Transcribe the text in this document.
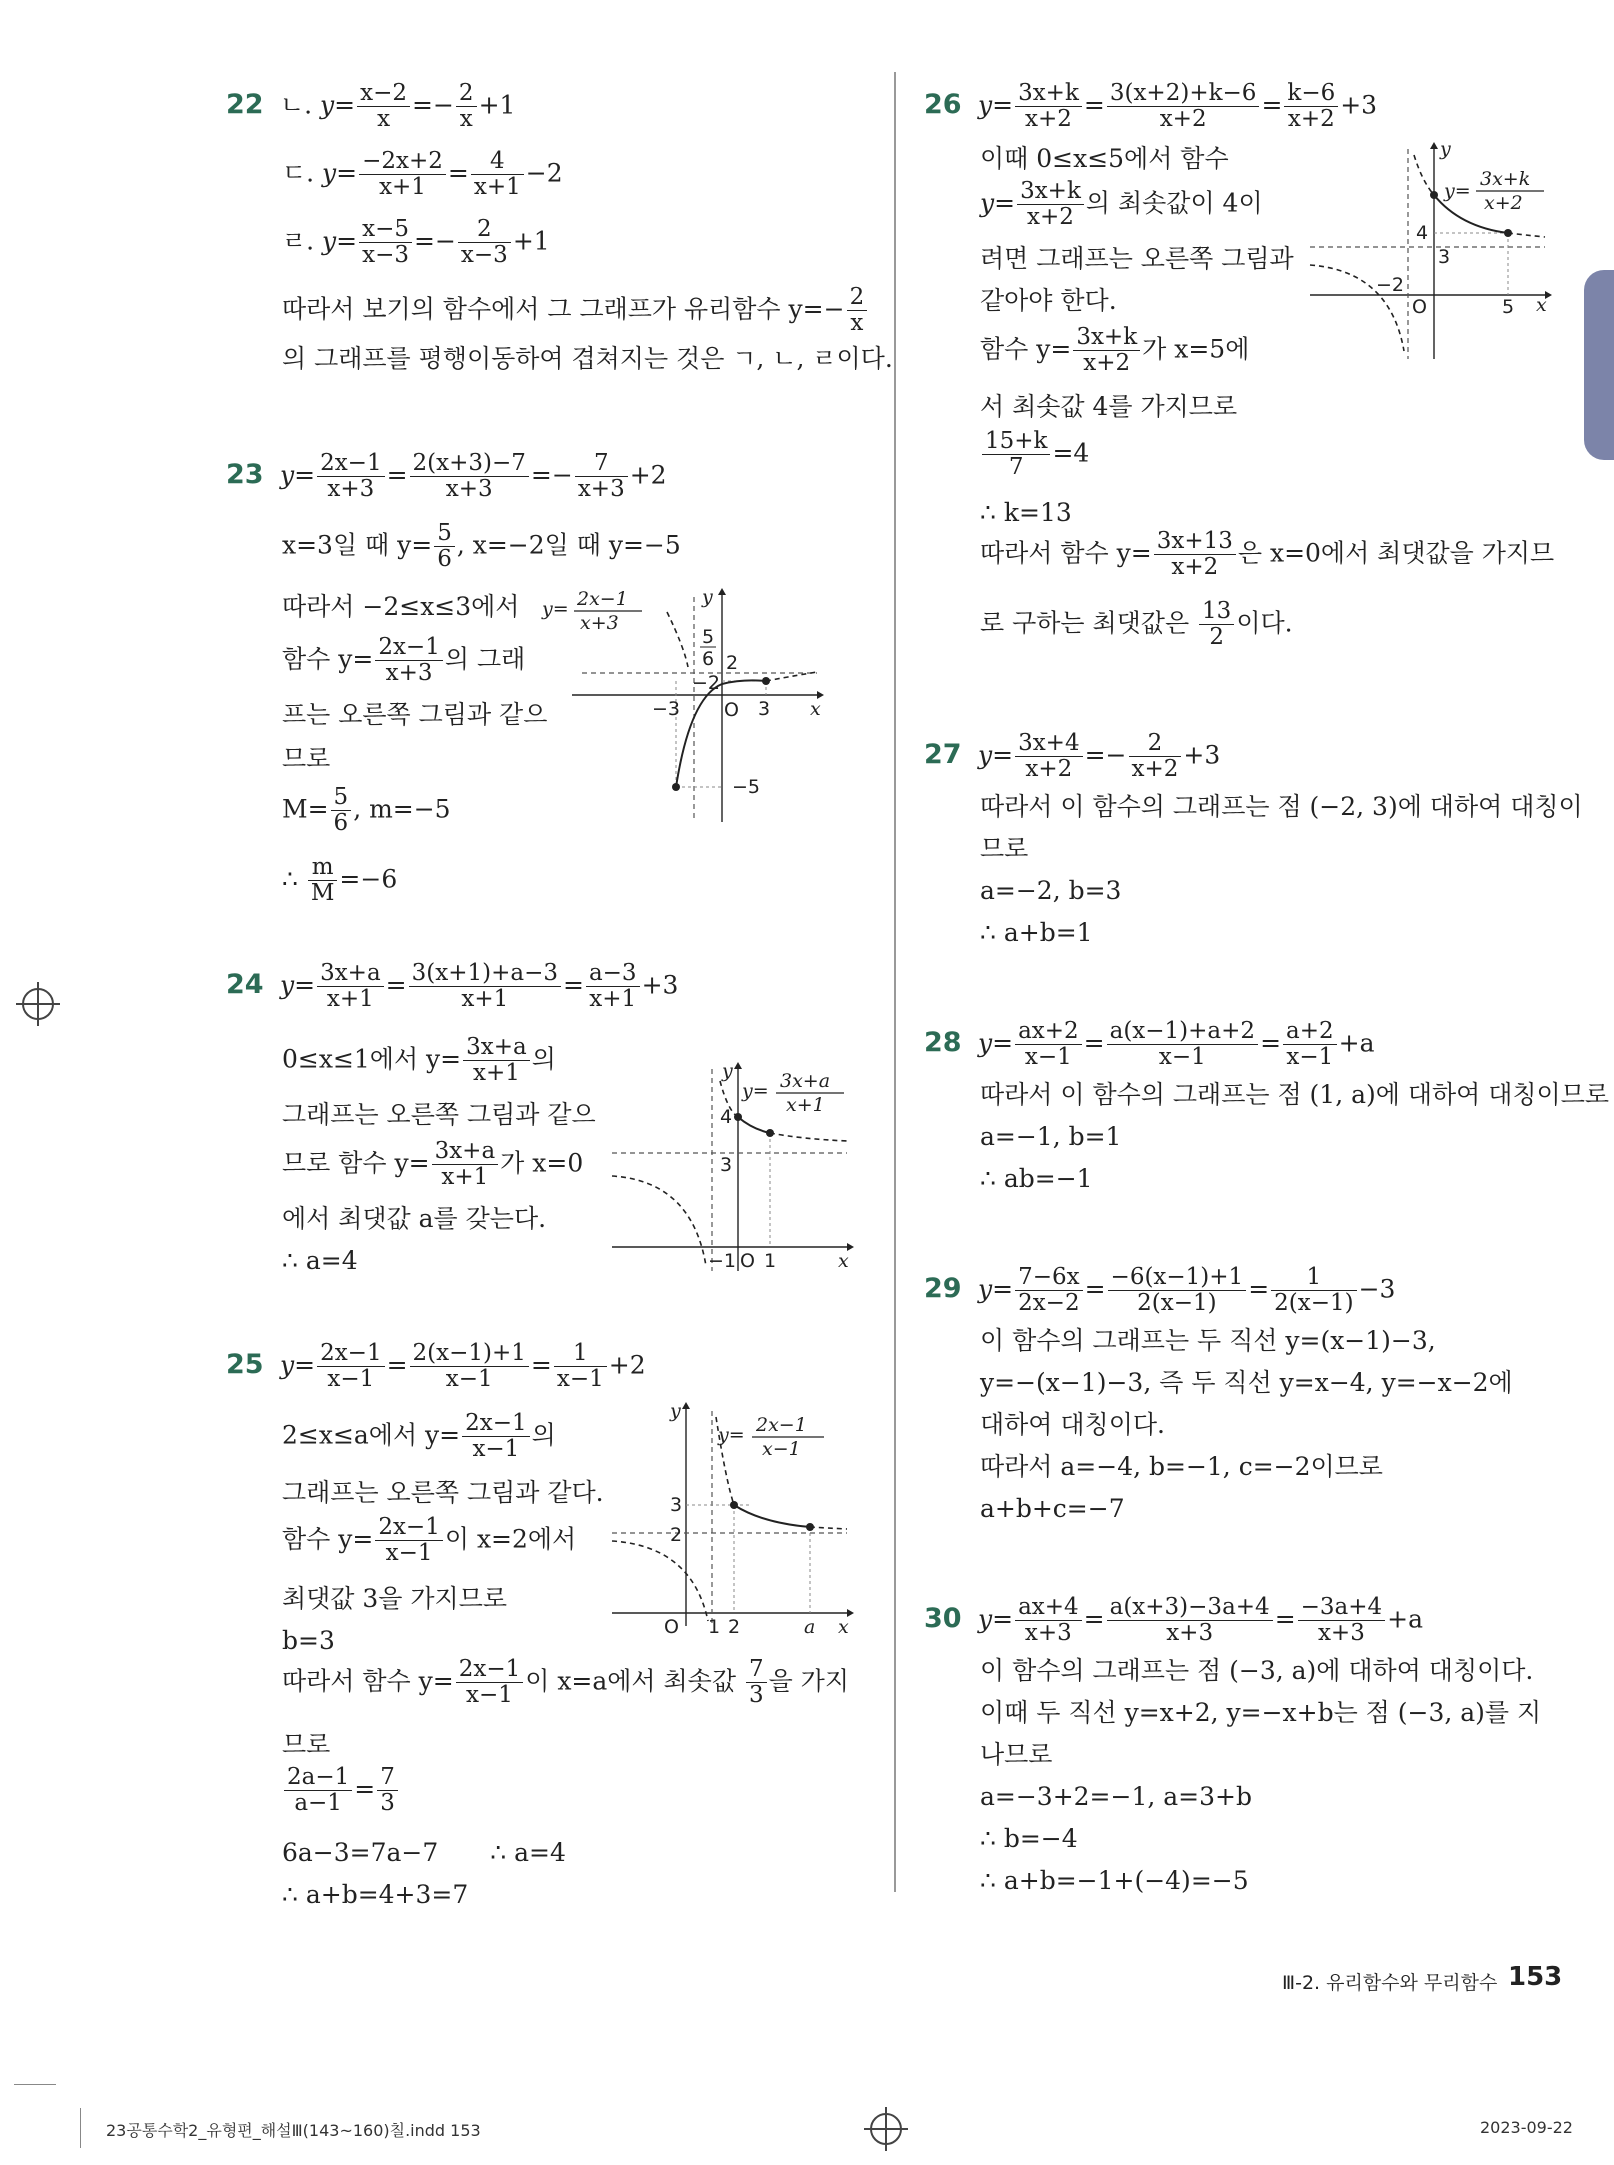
22 ㄴ. $y= \frac{x-2}{x} =- \frac{2}{x} +1$
ㄷ. $y= \frac{-2x+2}{x+1} = \frac{4}{x+1} -2$
ㄹ. $y= \frac{x-5}{x-3} =- \frac{2}{x-3} +1$
따라서 보기의 함수에서 그 그래프가 유리함수 $y=- \frac{2}{x}$
의 그래프를 평행이동하여 겹쳐지는 것은 ㄱ, ㄴ, ㄹ이다.
23 $y= \frac{2x-1}{x+3} = \frac{2(x+3)-7}{x+3} =- \frac{7}{x+3} +2$
x=3일 때 $y= \frac{5}{6}$ , x=−2일 때 y=−5
따라서 −2≤x≤3에서
함수 $y= \frac{2x-1}{x+3}$ 의 그래
프는 오른쪽 그림과 같으
므로
$M= \frac{5}{6}$ , m=−5
∴ $\frac{m}{M} =-6$
y
x
O
y= 2x−1
x+3
5
6 2
−2
−3	3
−5
24 $y= \frac{3x+a}{x+1} = \frac{3(x+1)+a-3}{x+1} = \frac{a-3}{x+1} +3$
0≤x≤1에서 $y= \frac{3x+a}{x+1}$ 의
그래프는 오른쪽 그림과 같으
므로 함수 $y= \frac{3x+a}{x+1}$ 가 x=0
에서 최댓값 a를 갖는다.
∴ a=4
y
x
O
y= 3x+a
x+1
4
3
−1 1
25 $y= \frac{2x-1}{x-1} = \frac{2(x-1)+1}{x-1} = \frac{1}{x-1} +2$
2≤x≤a에서 $y= \frac{2x-1}{x-1}$ 의
그래프는 오른쪽 그림과 같다.
함수 $y= \frac{2x-1}{x-1}$ 이 x=2에서
최댓값 3을 가지므로
b=3
따라서 함수 $y= \frac{2x-1}{x-1}$ 이 x=a에서 최솟값 $\frac{7}{3}$ 을 가지
므로
$\frac{2a-1}{a-1} = \frac{7}{3}$
6a−3=7a−7 ∴ a=4
∴ a+b=4+3=7
y
x
O
y= 2x−1
x−1
3
2
1 2	a
26 $y= \frac{3x+k}{x+2} = \frac{3(x+2)+k-6}{x+2} = \frac{k-6}{x+2} +3$
이때 0≤x≤5에서 함수
$y= \frac{3x+k}{x+2}$ 의 최솟값이 4이
려면 그래프는 오른쪽 그림과
같아야 한다.
함수 $y= \frac{3x+k}{x+2}$ 가 x=5에
서 최솟값 4를 가지므로
$\frac{15+k}{7} =4$
∴ k=13
따라서 함수 $y= \frac{3x+13}{x+2}$ 은 x=0에서 최댓값을 가지므
로 구하는 최댓값은 $\frac{13}{2}$ 이다.
y
x
O
y=
3x+k
x+2
4
3
−2
5
27 $y= \frac{3x+4}{x+2} =- \frac{2}{x+2} +3$
따라서 이 함수의 그래프는 점 (−2, 3)에 대하여 대칭이
므로
a=−2, b=3
∴ a+b=1
28 $y= \frac{ax+2}{x-1} = \frac{a(x-1)+a+2}{x-1} = \frac{a+2}{x-1} +a$
따라서 이 함수의 그래프는 점 (1, a)에 대하여 대칭이므로
a=−1, b=1
∴ ab=−1
29 $y= \frac{7-6x}{2x-2} = \frac{-6(x-1)+1}{2(x-1)} = \frac{1}{2(x-1)} -3$
이 함수의 그래프는 두 직선 y=(x−1)−3,
y=−(x−1)−3, 즉 두 직선 y=x−4, y=−x−2에
대하여 대칭이다.
따라서 a=−4, b=−1, c=−2이므로
a+b+c=−7
30 $y= \frac{ax+4}{x+3} = \frac{a(x+3)-3a+4}{x+3} = \frac{-3a+4}{x+3} +a$
이 함수의 그래프는 점 (−3, a)에 대하여 대칭이다.
이때 두 직선 y=x+2, y=−x+b는 점 (−3, a)를 지
나므로
a=−3+2=−1, a=3+b
∴ b=−4
∴ a+b=−1+(−4)=−5
Ⅲ-2. 유리함수와 무리함수 153
23공통수학2_유형편_해설Ⅲ(143~160)칠.indd 153	2023-09-22
